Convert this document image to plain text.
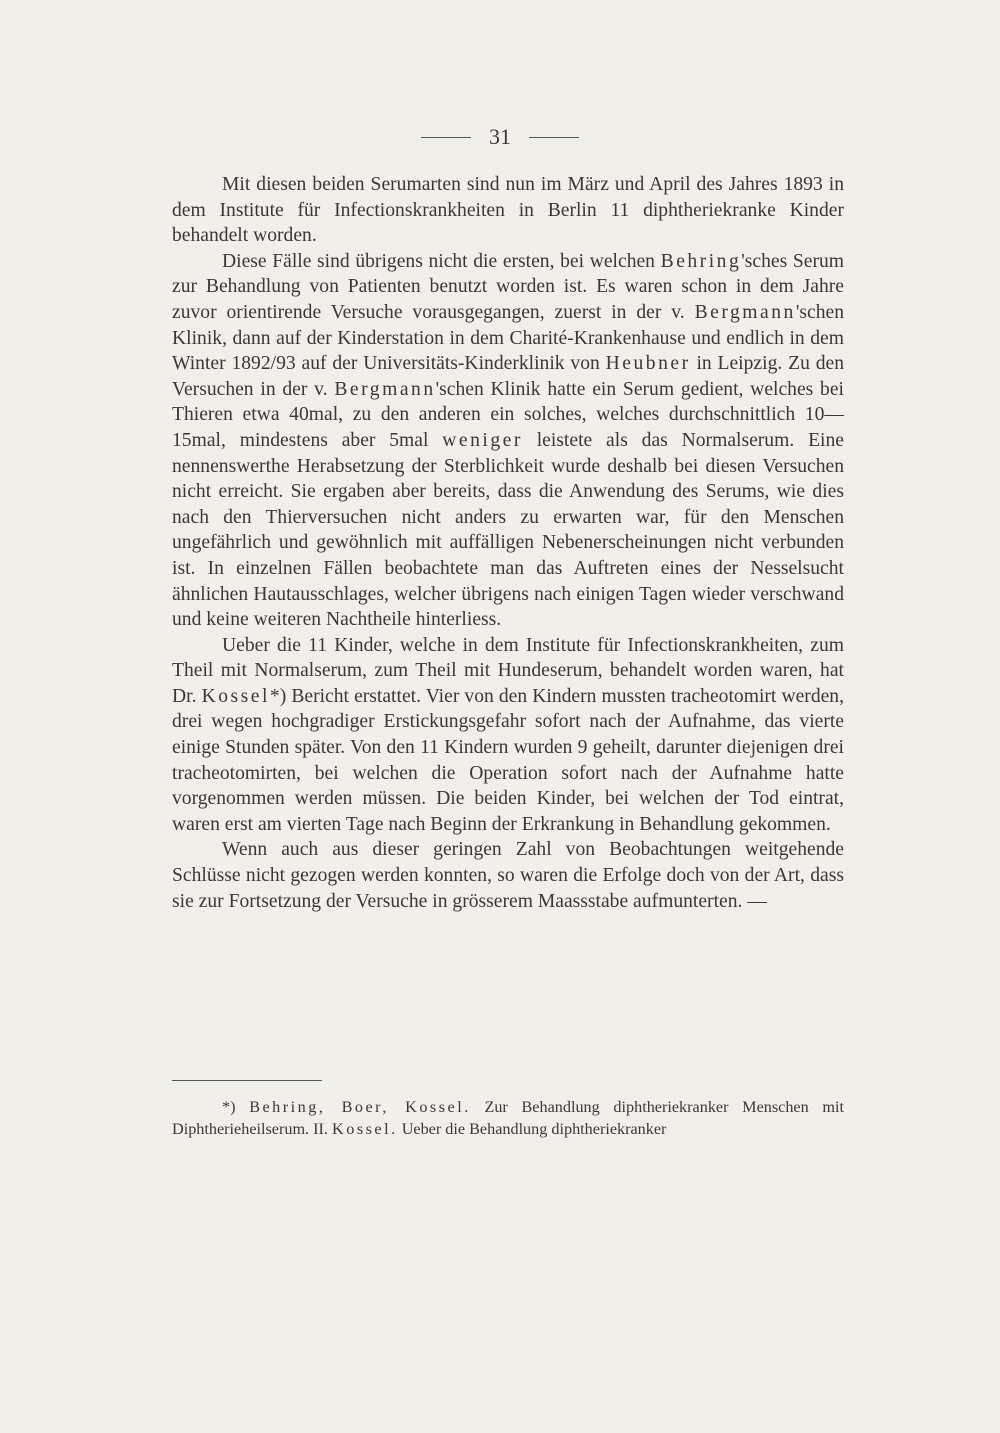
31

Mit diesen beiden Serumarten sind nun im März und April des Jahres 1893 in dem Institute für Infectionskrankheiten in Berlin 11 diphtheriekranke Kinder behandelt worden.

Diese Fälle sind übrigens nicht die ersten, bei welchen Behring'sches Serum zur Behandlung von Patienten benutzt worden ist. Es waren schon in dem Jahre zuvor orientirende Versuche vorausgegangen, zuerst in der v. Bergmann'schen Klinik, dann auf der Kinderstation in dem Charité-Krankenhause und endlich in dem Winter 1892/93 auf der Universitäts-Kinderklinik von Heubner in Leipzig. Zu den Versuchen in der v. Bergmann'schen Klinik hatte ein Serum gedient, welches bei Thieren etwa 40mal, zu den anderen ein solches, welches durchschnittlich 10—15mal, mindestens aber 5mal weniger leistete als das Normalserum. Eine nennenswerthe Herabsetzung der Sterblichkeit wurde deshalb bei diesen Versuchen nicht erreicht. Sie ergaben aber bereits, dass die Anwendung des Serums, wie dies nach den Thierversuchen nicht anders zu erwarten war, für den Menschen ungefährlich und gewöhnlich mit auffälligen Nebenerscheinungen nicht verbunden ist. In einzelnen Fällen beobachtete man das Auftreten eines der Nesselsucht ähnlichen Hautausschlages, welcher übrigens nach einigen Tagen wieder verschwand und keine weiteren Nachtheile hinterliess.

Ueber die 11 Kinder, welche in dem Institute für Infectionskrankheiten, zum Theil mit Normalserum, zum Theil mit Hundeserum, behandelt worden waren, hat Dr. Kossel*) Bericht erstattet. Vier von den Kindern mussten tracheotomirt werden, drei wegen hochgradiger Erstickungsgefahr sofort nach der Aufnahme, das vierte einige Stunden später. Von den 11 Kindern wurden 9 geheilt, darunter diejenigen drei tracheotomirten, bei welchen die Operation sofort nach der Aufnahme hatte vorgenommen werden müssen. Die beiden Kinder, bei welchen der Tod eintrat, waren erst am vierten Tage nach Beginn der Erkrankung in Behandlung gekommen.

Wenn auch aus dieser geringen Zahl von Beobachtungen weitgehende Schlüsse nicht gezogen werden konnten, so waren die Erfolge doch von der Art, dass sie zur Fortsetzung der Versuche in grösserem Maassstabe aufmunterten. —

*) Behring, Boer, Kossel. Zur Behandlung diphtheriekranker Menschen mit Diphtherieheilserum. II. Kossel. Ueber die Behandlung diphtheriekranker
